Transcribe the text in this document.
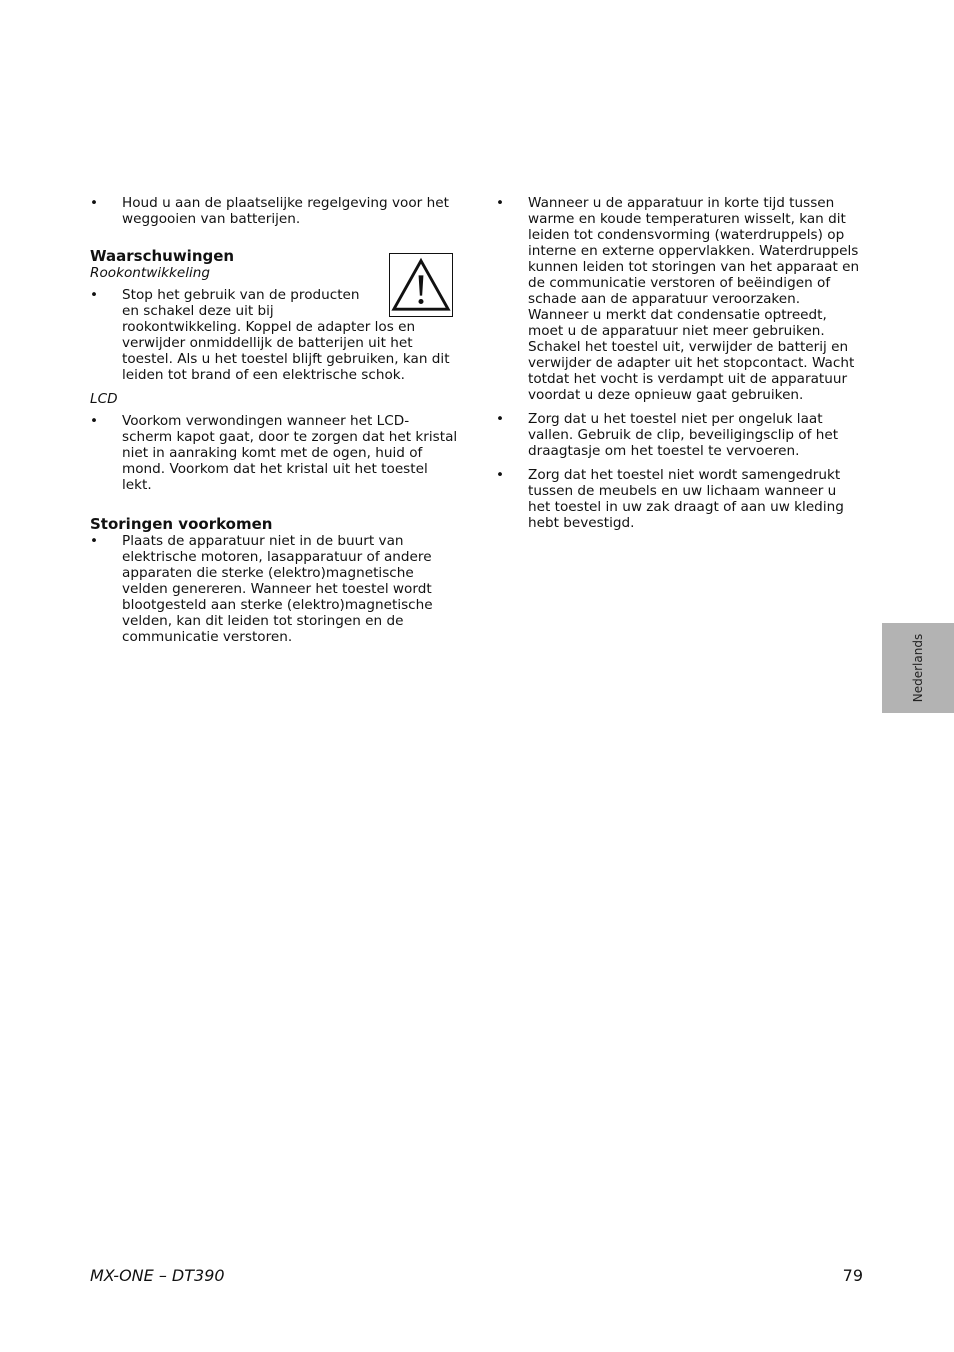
• Houd u aan de plaatselijke regelgeving voor het weggooien van batterijen.
Waarschuwingen
Rookontwikkeling
• Stop het gebruik van de producten en schakel deze uit bij rookontwikkeling. Koppel de adapter los en verwijder onmiddellijk de batterijen uit het toestel. Als u het toestel blijft gebruiken, kan dit leiden tot brand of een elektrische schok.
LCD
• Voorkom verwondingen wanneer het LCD-scherm kapot gaat, door te zorgen dat het kristal niet in aanraking komt met de ogen, huid of mond. Voorkom dat het kristal uit het toestel lekt.
Storingen voorkomen
• Plaats de apparatuur niet in de buurt van elektrische motoren, lasapparatuur of andere apparaten die sterke (elektro)magnetische velden genereren. Wanneer het toestel wordt blootgesteld aan sterke (elektro)magnetische velden, kan dit leiden tot storingen en de communicatie verstoren.
• Wanneer u de apparatuur in korte tijd tussen warme en koude temperaturen wisselt, kan dit leiden tot condensvorming (waterdruppels) op interne en externe oppervlakken. Waterdruppels kunnen leiden tot storingen van het apparaat en de communicatie verstoren of beëindigen of schade aan de apparatuur veroorzaken. Wanneer u merkt dat condensatie optreedt, moet u de apparatuur niet meer gebruiken. Schakel het toestel uit, verwijder de batterij en verwijder de adapter uit het stopcontact. Wacht totdat het vocht is verdampt uit de apparatuur voordat u deze opnieuw gaat gebruiken.
• Zorg dat u het toestel niet per ongeluk laat vallen. Gebruik de clip, beveiligingsclip of het draagtasje om het toestel te vervoeren.
• Zorg dat het toestel niet wordt samengedrukt tussen de meubels en uw lichaam wanneer u het toestel in uw zak draagt of aan uw kleding hebt bevestigd.
Nederlands
MX-ONE – DT390	79
